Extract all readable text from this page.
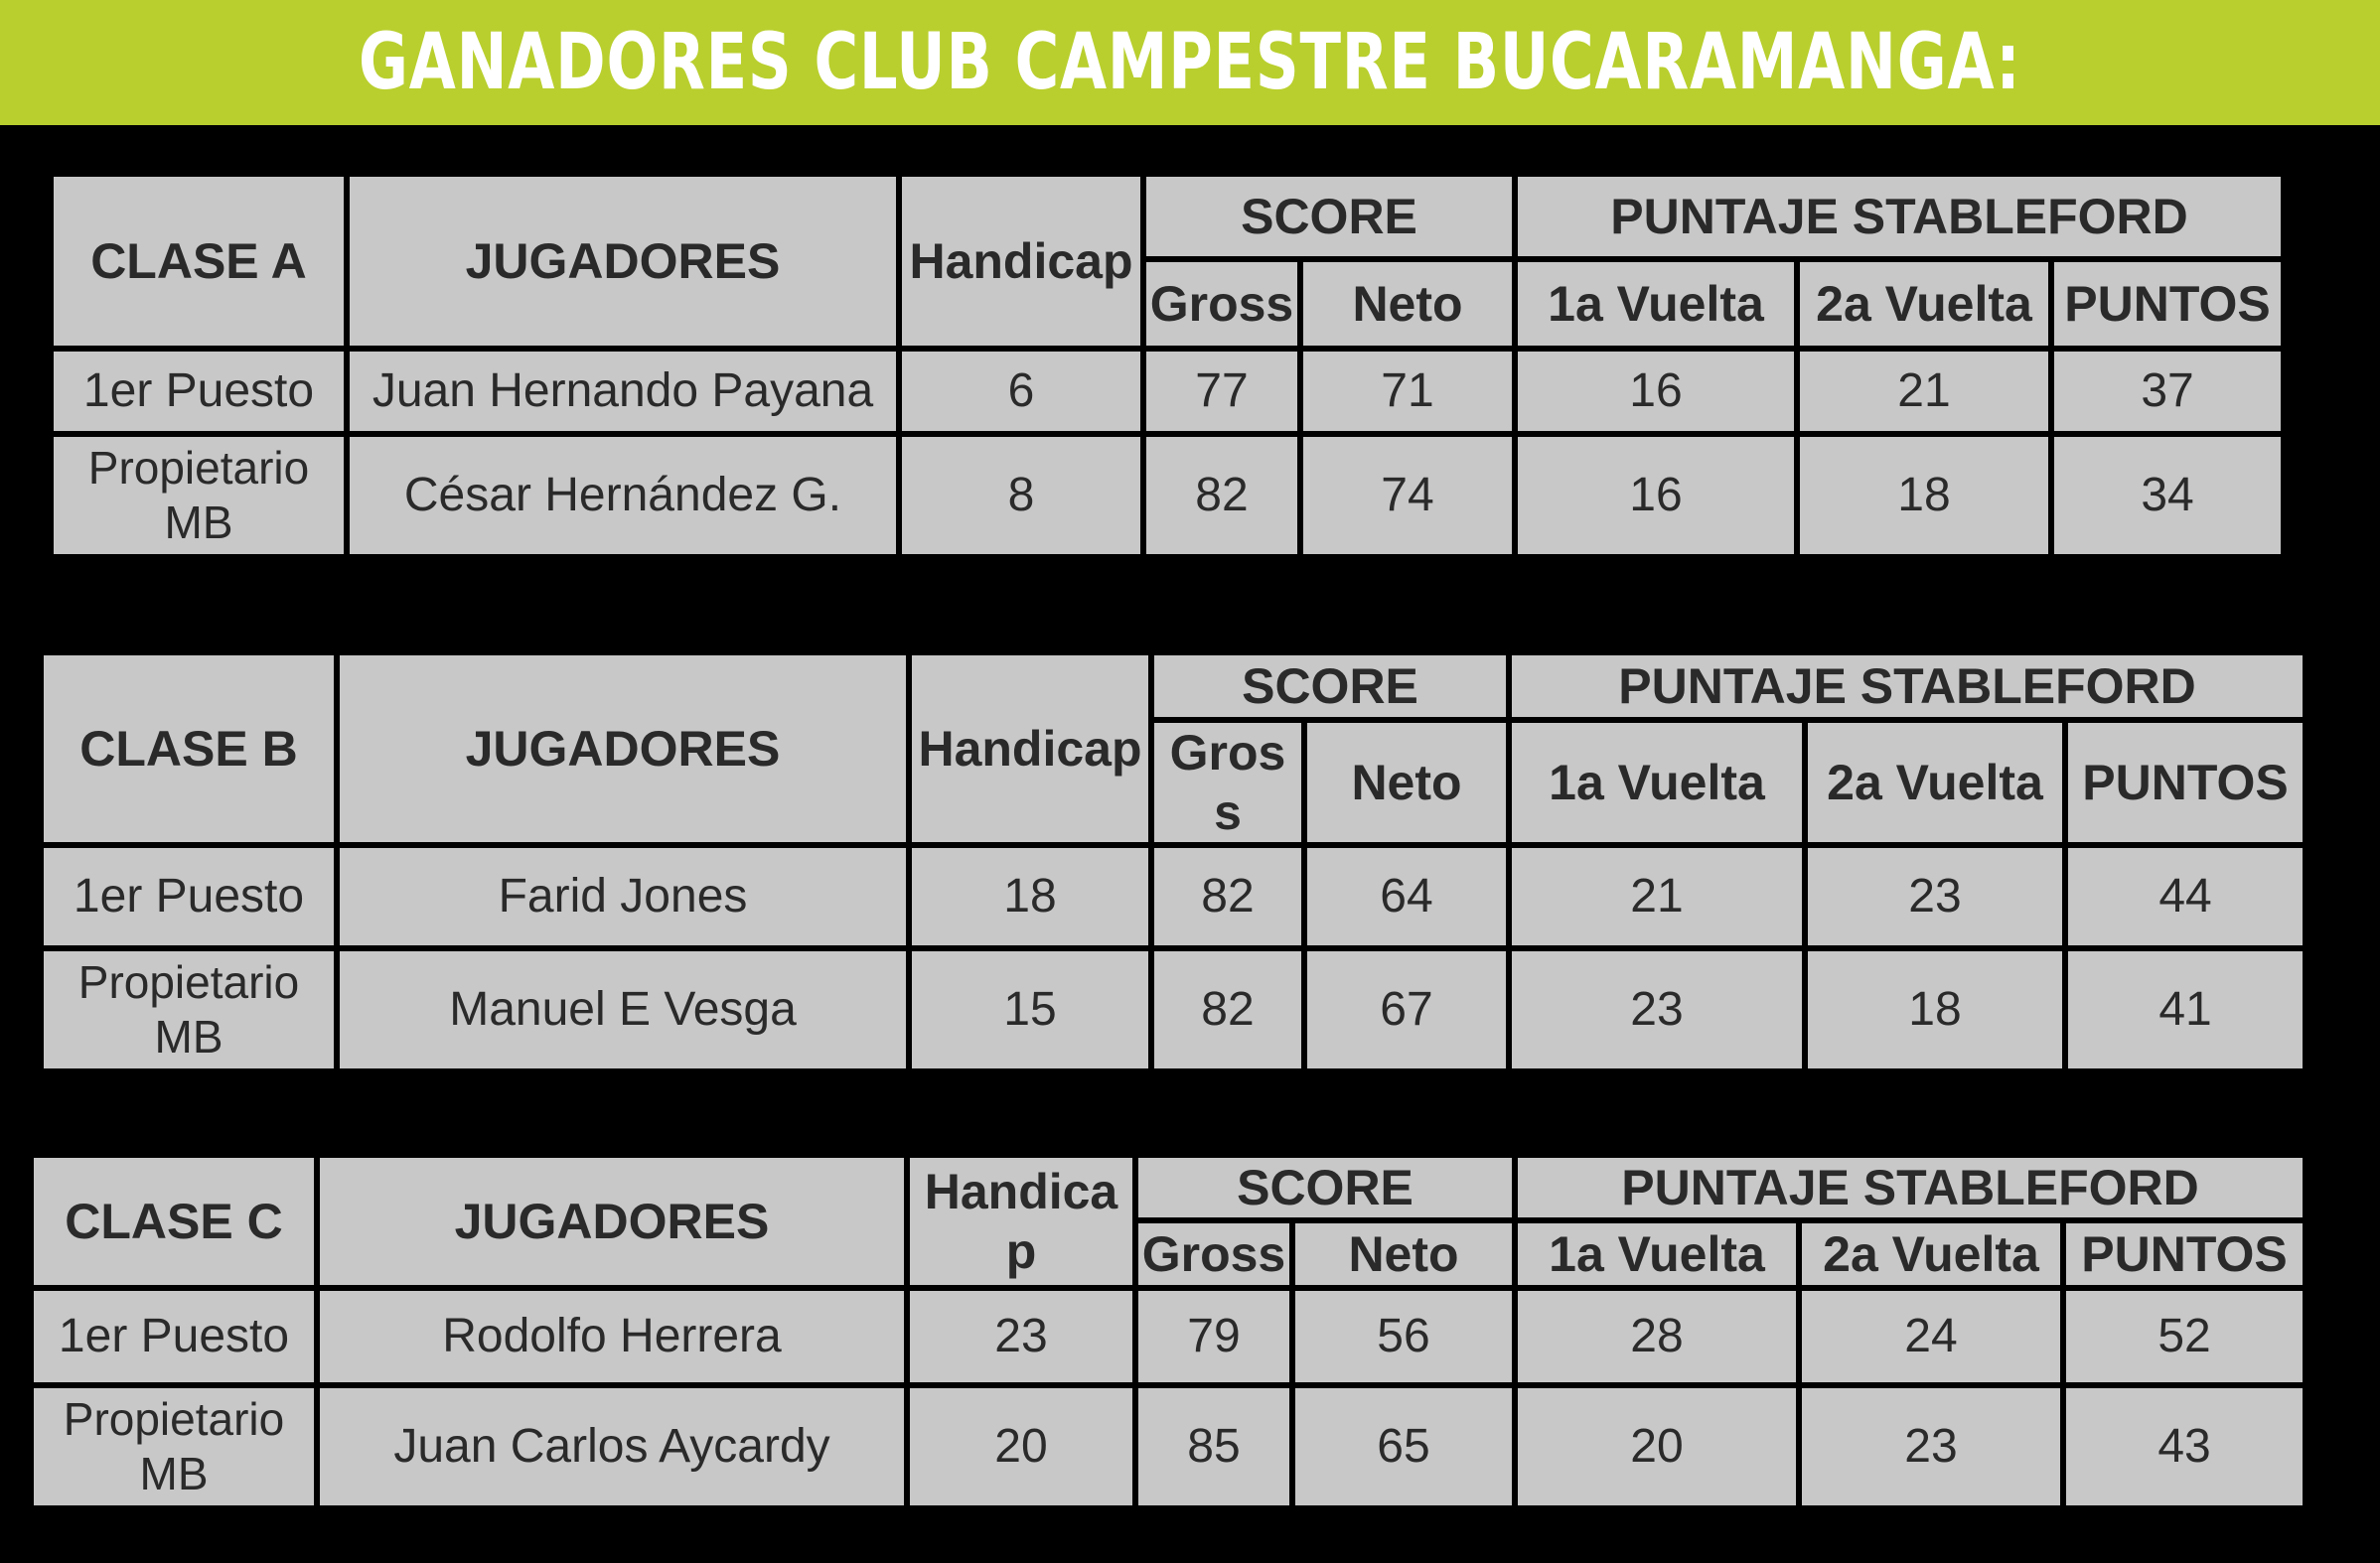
GANADORES CLUB CAMPESTRE BUCARAMANGA:
CLASE A	JUGADORES	Handicap	SCORE		PUNTAJE STABLEFORD		
			Gross	Neto	1a Vuelta	2a Vuelta	PUNTOS
1er Puesto	Juan Hernando Payana	6	77	71	16	21	37
Propietario MB	César Hernández G.	8	82	74	16	18	34
CLASE B	JUGADORES	Handicap	SCORE		PUNTAJE STABLEFORD		
			Gros s	Neto	1a Vuelta	2a Vuelta	PUNTOS
1er Puesto	Farid Jones	18	82	64	21	23	44
Propietario MB	Manuel E Vesga	15	82	67	23	18	41
CLASE C	JUGADORES	Handica p	SCORE		PUNTAJE STABLEFORD		
			Gross	Neto	1a Vuelta	2a Vuelta	PUNTOS
1er Puesto	Rodolfo Herrera	23	79	56	28	24	52
Propietario MB	Juan Carlos Aycardy	20	85	65	20	23	43
